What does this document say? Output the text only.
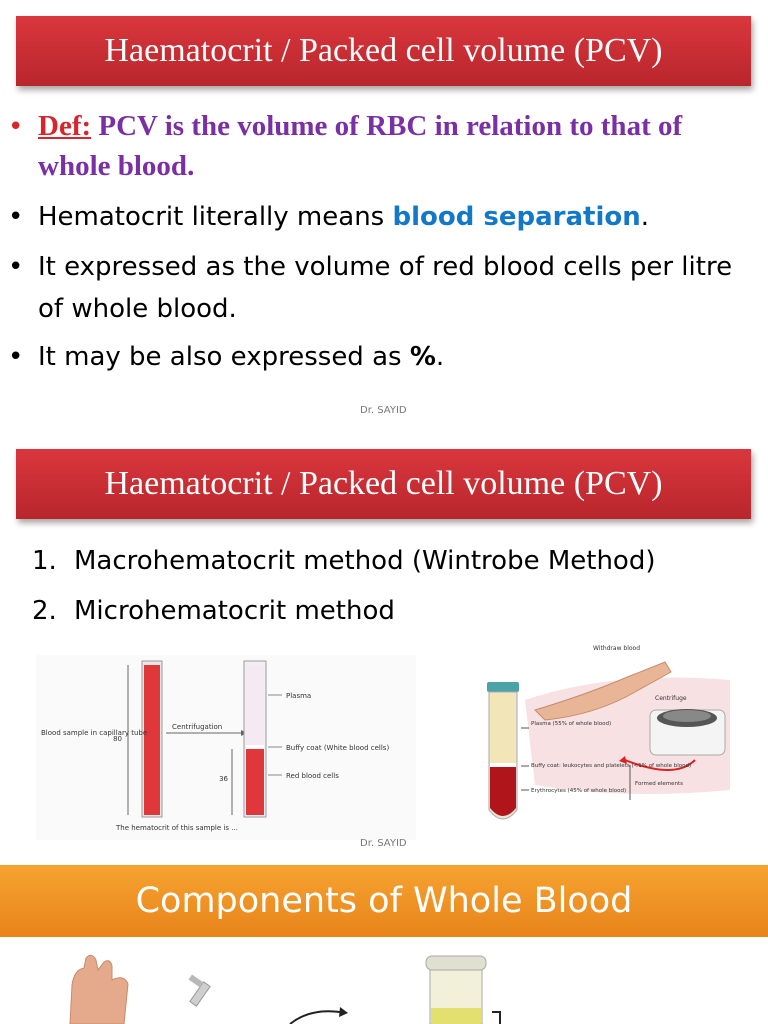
Haematocrit / Packed cell volume (PCV)
• Def: PCV is the volume of RBC in relation to that of whole blood.
• Hematocrit literally means blood separation.
• It expressed as the volume of red blood cells per litre of whole blood.
• It may be also expressed as %.
Dr. SAYID
Haematocrit / Packed cell volume (PCV)
1. Macrohematocrit method (Wintrobe Method)
2. Microhematocrit method
80
Blood sample in capillary tube
Centrifugation
36
Plasma
Buffy coat (White blood cells)
Red blood cells
The hematocrit of this sample is ...
Withdraw blood
Centrifuge
Plasma (55% of whole blood)
Buffy coat: leukocytes and platelets (<1% of whole blood)
Erythrocytes (45% of whole blood)
Formed elements
Dr. SAYID
Components of Whole Blood
